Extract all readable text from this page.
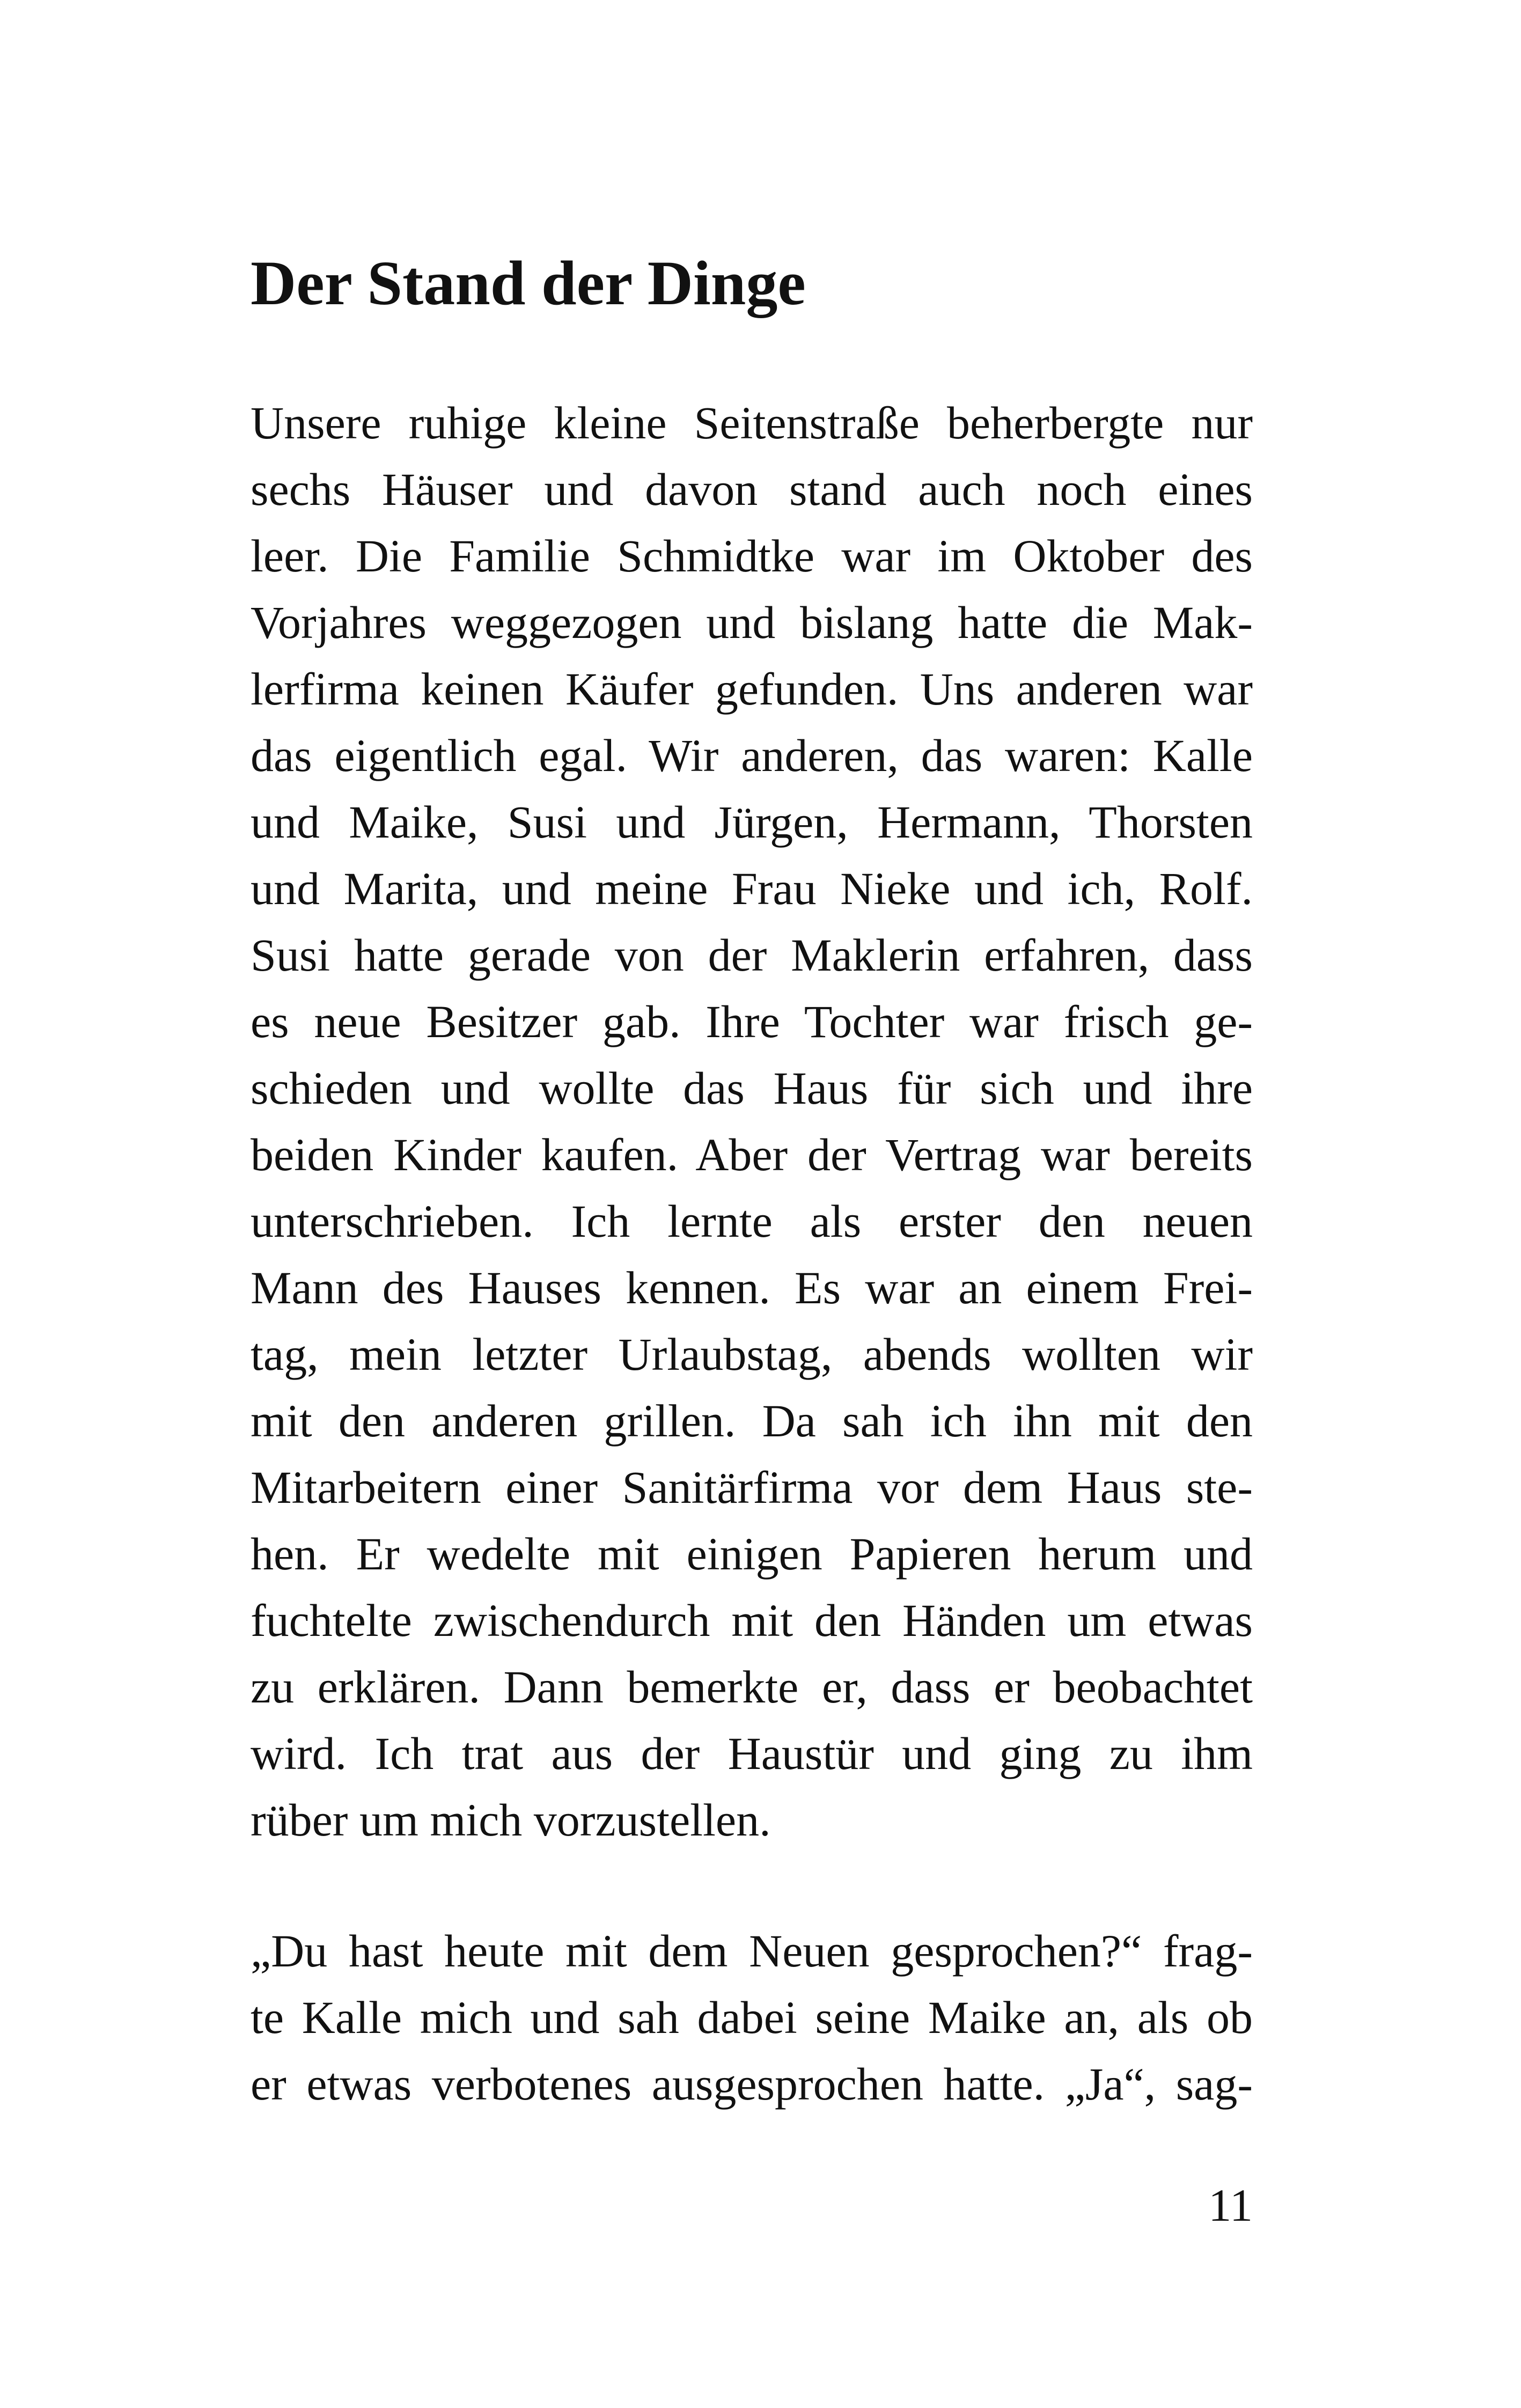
Der Stand der Dinge
Unsere ruhige kleine Seitenstraße beherbergte nur
sechs Häuser und davon stand auch noch eines
leer. Die Familie Schmidtke war im Oktober des
Vorjahres weggezogen und bislang hatte die Mak-
lerfirma keinen Käufer gefunden. Uns anderen war
das eigentlich egal. Wir anderen, das waren: Kalle
und Maike, Susi und Jürgen, Hermann, Thorsten
und Marita, und meine Frau Nieke und ich, Rolf.
Susi hatte gerade von der Maklerin erfahren, dass
es neue Besitzer gab. Ihre Tochter war frisch ge-
schieden und wollte das Haus für sich und ihre
beiden Kinder kaufen. Aber der Vertrag war bereits
unterschrieben. Ich lernte als erster den neuen
Mann des Hauses kennen. Es war an einem Frei-
tag, mein letzter Urlaubstag, abends wollten wir
mit den anderen grillen. Da sah ich ihn mit den
Mitarbeitern einer Sanitärfirma vor dem Haus ste-
hen. Er wedelte mit einigen Papieren herum und
fuchtelte zwischendurch mit den Händen um etwas
zu erklären. Dann bemerkte er, dass er beobachtet
wird. Ich trat aus der Haustür und ging zu ihm
rüber um mich vorzustellen.
„Du hast heute mit dem Neuen gesprochen?“ frag-
te Kalle mich und sah dabei seine Maike an, als ob
er etwas verbotenes ausgesprochen hatte. „Ja“, sag-
11
